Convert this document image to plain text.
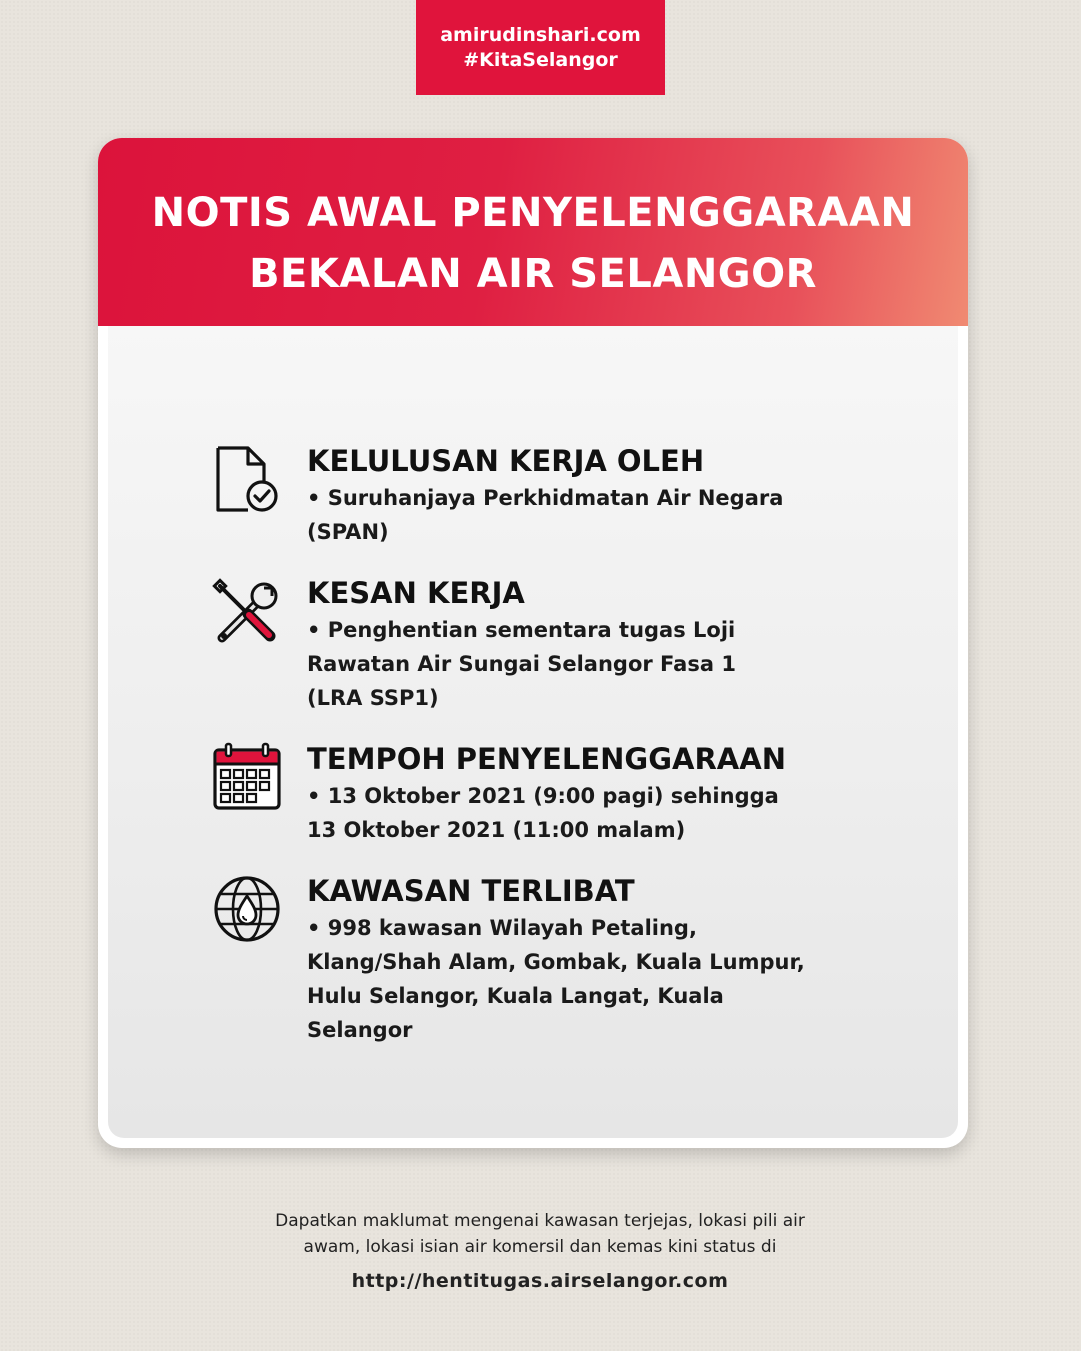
amirudinshari.com
#KitaSelangor
NOTIS AWAL PENYELENGGARAAN
BEKALAN AIR SELANGOR
KELULUSAN KERJA OLEH
• Suruhanjaya Perkhidmatan Air Negara
(SPAN)
KESAN KERJA
• Penghentian sementara tugas Loji
Rawatan Air Sungai Selangor Fasa 1
(LRA SSP1)
TEMPOH PENYELENGGARAAN
• 13 Oktober 2021 (9:00 pagi) sehingga
13 Oktober 2021 (11:00 malam)
KAWASAN TERLIBAT
• 998 kawasan Wilayah Petaling,
Klang/Shah Alam, Gombak, Kuala Lumpur,
Hulu Selangor, Kuala Langat, Kuala
Selangor
Dapatkan maklumat mengenai kawasan terjejas, lokasi pili air
awam, lokasi isian air komersil dan kemas kini status di
http://hentitugas.airselangor.com
